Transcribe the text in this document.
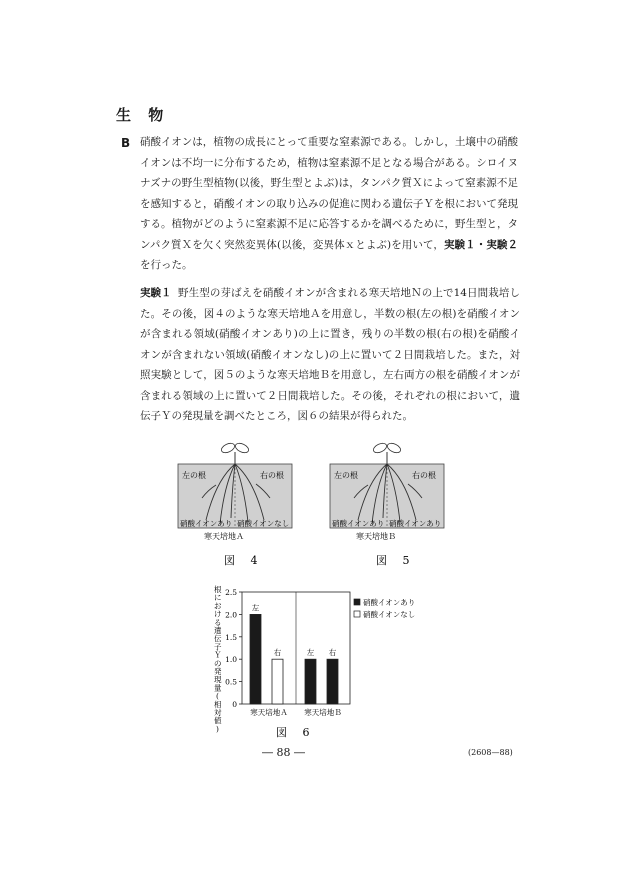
生 物
B 硝酸イオンは，植物の成長にとって重要な窒素源である。しかし，土壌中の硝酸イオンは不均一に分布するため，植物は窒素源不足となる場合がある。シロイヌナズナの野生型植物(以後，野生型とよぶ)は，タンパク質Ｘによって窒素源不足を感知すると，硝酸イオンの取り込みの促進に関わる遺伝子Ｙを根において発現する。植物がどのように窒素源不足に応答するかを調べるために，野生型と，タンパク質Ｘを欠く突然変異体(以後，変異体ｘとよぶ)を用いて，実験１・実験２を行った。
実験１ 野生型の芽ばえを硝酸イオンが含まれる寒天培地Ｎの上で14日間栽培した。その後，図４のような寒天培地Ａを用意し，半数の根(左の根)を硝酸イオンが含まれる領域(硝酸イオンあり)の上に置き，残りの半数の根(右の根)を硝酸イオンが含まれない領域(硝酸イオンなし)の上に置いて２日間栽培した。また，対照実験として，図５のような寒天培地Ｂを用意し，左右両方の根を硝酸イオンが含まれる領域の上に置いて２日間栽培した。その後，それぞれの根において，遺伝子Ｙの発現量を調べたところ，図６の結果が得られた。
左の根	右の根
硝酸イオンあり 硝酸イオンなし
寒天培地Ａ
図 4
左の根	右の根
硝酸イオンあり 硝酸イオンあり
寒天培地Ｂ
図 5
根における遺伝子Ｙの発現量(相対値)
0
0.5
1.0
1.5
2.0
2.5
左
右	左 右
寒天培地Ａ 寒天培地Ｂ
硝酸イオンあり
硝酸イオンなし
図 6
― 88 ―	(2608—88)
